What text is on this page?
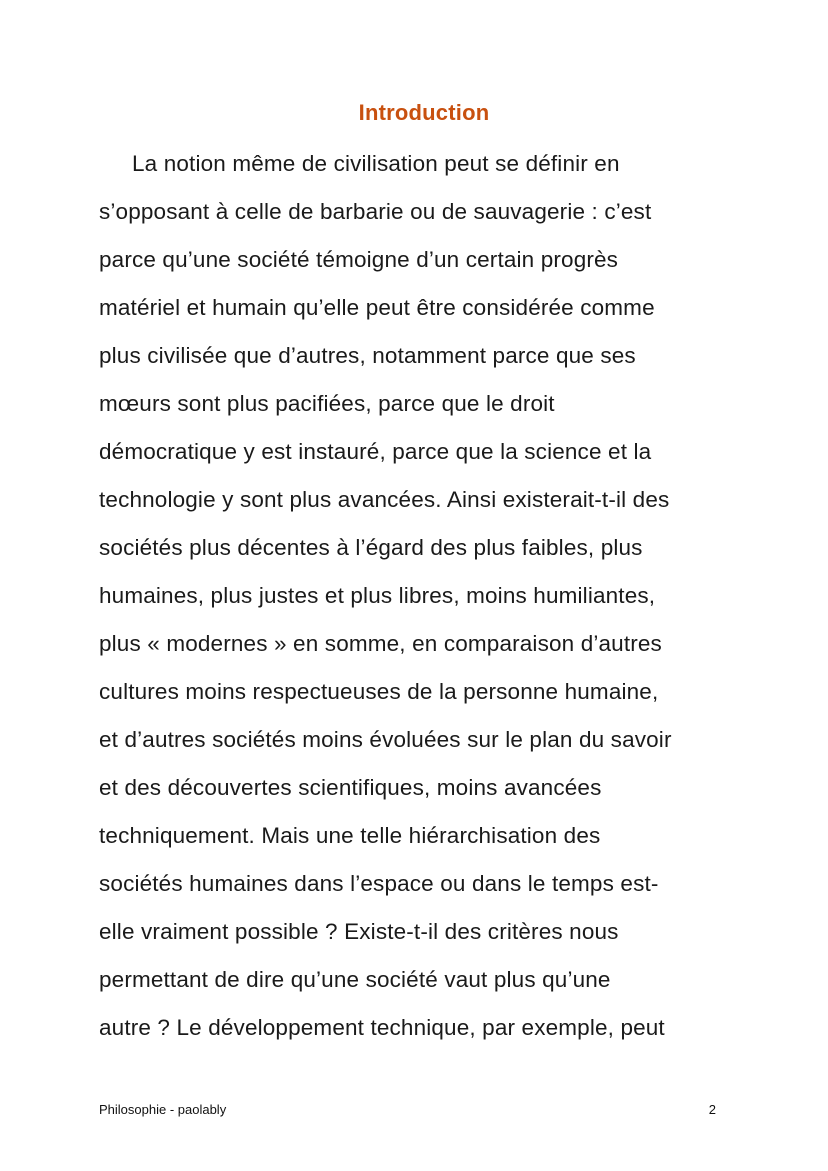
Introduction
La notion même de civilisation peut se définir en
s’opposant à celle de barbarie ou de sauvagerie : c’est
parce qu’une société témoigne d’un certain progrès
matériel et humain qu’elle peut être considérée comme
plus civilisée que d’autres, notamment parce que ses
mœurs sont plus pacifiées, parce que le droit
démocratique y est instauré, parce que la science et la
technologie y sont plus avancées. Ainsi existerait-t-il des
sociétés plus décentes à l’égard des plus faibles, plus
humaines, plus justes et plus libres, moins humiliantes,
plus « modernes » en somme, en comparaison d’autres
cultures moins respectueuses de la personne humaine,
et d’autres sociétés moins évoluées sur le plan du savoir
et des découvertes scientifiques, moins avancées
techniquement. Mais une telle hiérarchisation des
sociétés humaines dans l’espace ou dans le temps est-
elle vraiment possible ? Existe-t-il des critères nous
permettant de dire qu’une société vaut plus qu’une
autre ? Le développement technique, par exemple, peut
Philosophie - paolably	2
